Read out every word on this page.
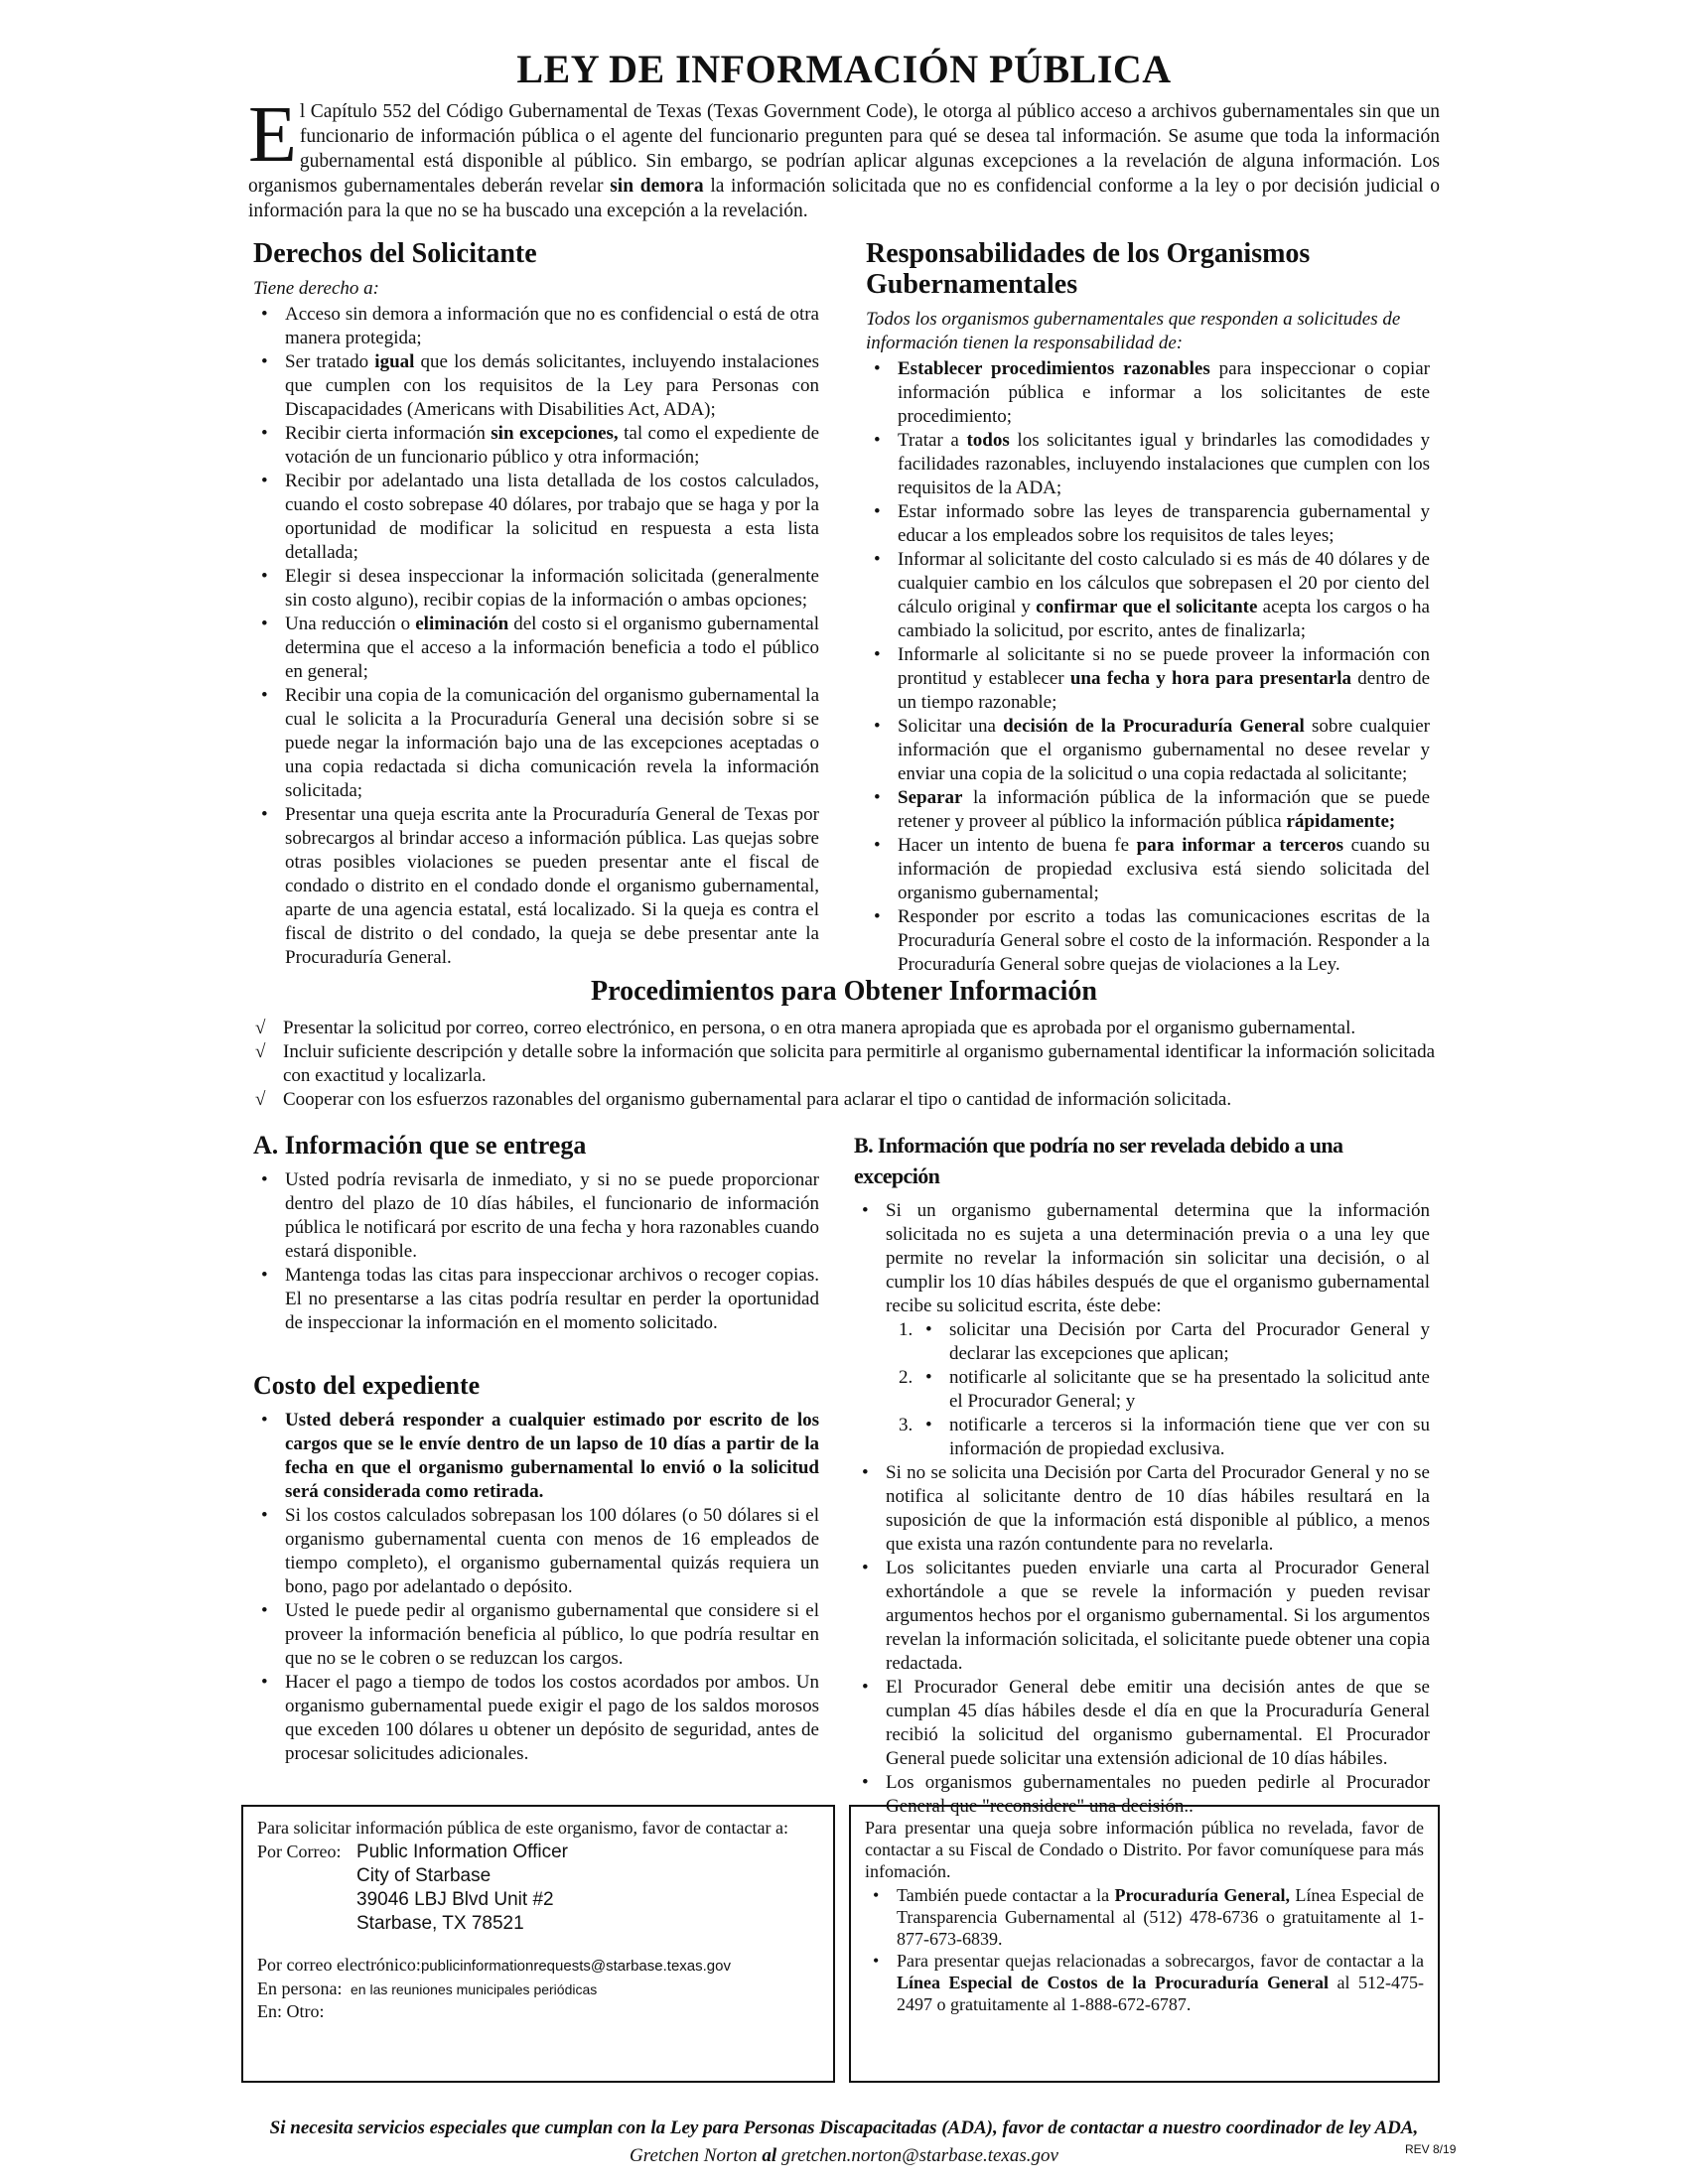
LEY DE INFORMACIÓN PÚBLICA

El Capítulo 552 del Código Gubernamental de Texas (Texas Government Code), le otorga al público acceso a archivos gubernamentales sin que un funcionario de información pública o el agente del funcionario pregunten para qué se desea tal información. Se asume que toda la información gubernamental está disponible al público. Sin embargo, se podrían aplicar algunas excepciones a la revelación de alguna información. Los organismos gubernamentales deberán revelar sin demora la información solicitada que no es confidencial conforme a la ley o por decisión judicial o información para la que no se ha buscado una excepción a la revelación.

Derechos del Solicitante

Tiene derecho a:

• Acceso sin demora a información que no es confidencial o está de otra manera protegida;
• Ser tratado igual que los demás solicitantes, incluyendo instalaciones que cumplen con los requisitos de la Ley para Personas con Discapacidades (Americans with Disabilities Act, ADA);
• Recibir cierta información sin excepciones, tal como el expediente de votación de un funcionario público y otra información;
• Recibir por adelantado una lista detallada de los costos calculados, cuando el costo sobrepase 40 dólares, por trabajo que se haga y por la oportunidad de modificar la solicitud en respuesta a esta lista detallada;
• Elegir si desea inspeccionar la información solicitada (generalmente sin costo alguno), recibir copias de la información o ambas opciones;
• Una reducción o eliminación del costo si el organismo gubernamental determina que el acceso a la información beneficia a todo el público en general;
• Recibir una copia de la comunicación del organismo gubernamental la cual le solicita a la Procuraduría General una decisión sobre si se puede negar la información bajo una de las excepciones aceptadas o una copia redactada si dicha comunicación revela la información solicitada;
• Presentar una queja escrita ante la Procuraduría General de Texas por sobrecargos al brindar acceso a información pública. Las quejas sobre otras posibles violaciones se pueden presentar ante el fiscal de condado o distrito en el condado donde el organismo gubernamental, aparte de una agencia estatal, está localizado. Si la queja es contra el fiscal de distrito o del condado, la queja se debe presentar ante la Procuraduría General.
Responsabilidades de los Organismos Gubernamentales

Todos los organismos gubernamentales que responden a solicitudes de información tienen la responsabilidad de:

• Establecer procedimientos razonables para inspeccionar o copiar información pública e informar a los solicitantes de este procedimiento;
• Tratar a todos los solicitantes igual y brindarles las comodidades y facilidades razonables, incluyendo instalaciones que cumplen con los requisitos de la ADA;
• Estar informado sobre las leyes de transparencia gubernamental y educar a los empleados sobre los requisitos de tales leyes;
• Informar al solicitante del costo calculado si es más de 40 dólares y de cualquier cambio en los cálculos que sobrepasen el 20 por ciento del cálculo original y confirmar que el solicitante acepta los cargos o ha cambiado la solicitud, por escrito, antes de finalizarla;
• Informarle al solicitante si no se puede proveer la información con prontitud y establecer una fecha y hora para presentarla dentro de un tiempo razonable;
• Solicitar una decisión de la Procuraduría General sobre cualquier información que el organismo gubernamental no desee revelar y enviar una copia de la solicitud o una copia redactada al solicitante;
• Separar la información pública de la información que se puede retener y proveer al público la información pública rápidamente;
• Hacer un intento de buena fe para informar a terceros cuando su información de propiedad exclusiva está siendo solicitada del organismo gubernamental;
• Responder por escrito a todas las comunicaciones escritas de la Procuraduría General sobre el costo de la información. Responder a la Procuraduría General sobre quejas de violaciones a la Ley.
Procedimientos para Obtener Información
√ Presentar la solicitud por correo, correo electrónico, en persona, o en otra manera apropiada que es aprobada por el organismo gubernamental.
√ Incluir suficiente descripción y detalle sobre la información que solicita para permitirle al organismo gubernamental identificar la información solicitada con exactitud y localizarla.
√ Cooperar con los esfuerzos razonables del organismo gubernamental para aclarar el tipo o cantidad de información solicitada.
A. Información que se entrega
• Usted podría revisarla de inmediato, y si no se puede proporcionar dentro del plazo de 10 días hábiles, el funcionario de información pública le notificará por escrito de una fecha y hora razonables cuando estará disponible.
• Mantenga todas las citas para inspeccionar archivos o recoger copias. El no presentarse a las citas podría resultar en perder la oportunidad de inspeccionar la información en el momento solicitado.
Costo del expediente
• Usted deberá responder a cualquier estimado por escrito de los cargos que se le envíe dentro de un lapso de 10 días a partir de la fecha en que el organismo gubernamental lo envió o la solicitud será considerada como retirada.
• Si los costos calculados sobrepasan los 100 dólares (o 50 dólares si el organismo gubernamental cuenta con menos de 16 empleados de tiempo completo), el organismo gubernamental quizás requiera un bono, pago por adelantado o depósito.
• Usted le puede pedir al organismo gubernamental que considere si el proveer la información beneficia al público, lo que podría resultar en que no se le cobren o se reduzcan los cargos.
• Hacer el pago a tiempo de todos los costos acordados por ambos. Un organismo gubernamental puede exigir el pago de los saldos morosos que exceden 100 dólares u obtener un depósito de seguridad, antes de procesar solicitudes adicionales.
B. Información que podría no ser revelada debido a una excepción
• Si un organismo gubernamental determina que la información solicitada no es sujeta a una determinación previa o a una ley que permite no revelar la información sin solicitar una decisión, o al cumplir los 10 días hábiles después de que el organismo gubernamental recibe su solicitud escrita, éste debe:
• 1. solicitar una Decisión por Carta del Procurador General y declarar las excepciones que aplican;
• 2. notificarle al solicitante que se ha presentado la solicitud ante el Procurador General; y
• 3. notificarle a terceros si la información tiene que ver con su información de propiedad exclusiva.
• Si no se solicita una Decisión por Carta del Procurador General y no se notifica al solicitante dentro de 10 días hábiles resultará en la suposición de que la información está disponible al público, a menos que exista una razón contundente para no revelarla.
• Los solicitantes pueden enviarle una carta al Procurador General exhortándole a que se revele la información y pueden revisar argumentos hechos por el organismo gubernamental. Si los argumentos revelan la información solicitada, el solicitante puede obtener una copia redactada.
• El Procurador General debe emitir una decisión antes de que se cumplan 45 días hábiles desde el día en que la Procuraduría General recibió la solicitud del organismo gubernamental. El Procurador General puede solicitar una extensión adicional de 10 días hábiles.
• Los organismos gubernamentales no pueden pedirle al Procurador General que "reconsidere" una decisión..
Para solicitar información pública de este organismo, favor de contactar a:
Por Correo: Public Information Officer
City of Starbase
39046 LBJ Blvd Unit #2
Starbase, TX 78521
Por correo electrónico:publicinformationrequests@starbase.texas.gov
En persona: en las reuniones municipales periódicas
En: Otro:
Para presentar una queja sobre información pública no revelada, favor de contactar a su Fiscal de Condado o Distrito. Por favor comuníquese para más infomación.
• También puede contactar a la Procuraduría General, Línea Especial de Transparencia Gubernamental al (512) 478-6736 o gratuitamente al 1-877-673-6839.
• Para presentar quejas relacionadas a sobrecargos, favor de contactar a la Línea Especial de Costos de la Procuraduría General al 512-475-2497 o gratuitamente al 1-888-672-6787.
Si necesita servicios especiales que cumplan con la Ley para Personas Discapacitadas (ADA), favor de contactar a nuestro coordinador de ley ADA,
Gretchen Norton al gretchen.norton@starbase.texas.gov	REV 8/19
